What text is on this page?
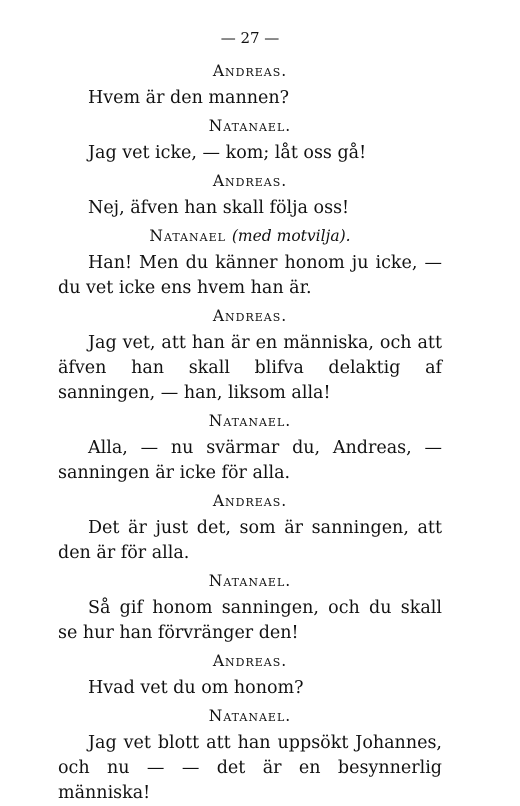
— 27 —
Andreas.

Hvem är den mannen?

Natanael.

Jag vet icke, — kom; låt oss gå!

Andreas.

Nej, äfven han skall följa oss!

Natanael (med motvilja).

Han! Men du känner honom ju icke, — du vet icke ens hvem han är.

Andreas.

Jag vet, att han är en människa, och att äfven han skall blifva delaktig af sanningen, — han, liksom alla!

Natanael.

Alla, — nu svärmar du, Andreas, — sanningen är icke för alla.

Andreas.

Det är just det, som är sanningen, att den är för alla.

Natanael.

Så gif honom sanningen, och du skall se hur han förvränger den!

Andreas.

Hvad vet du om honom?

Natanael.

Jag vet blott att han uppsökt Johannes, och nu — — det är en besynnerlig människa!
